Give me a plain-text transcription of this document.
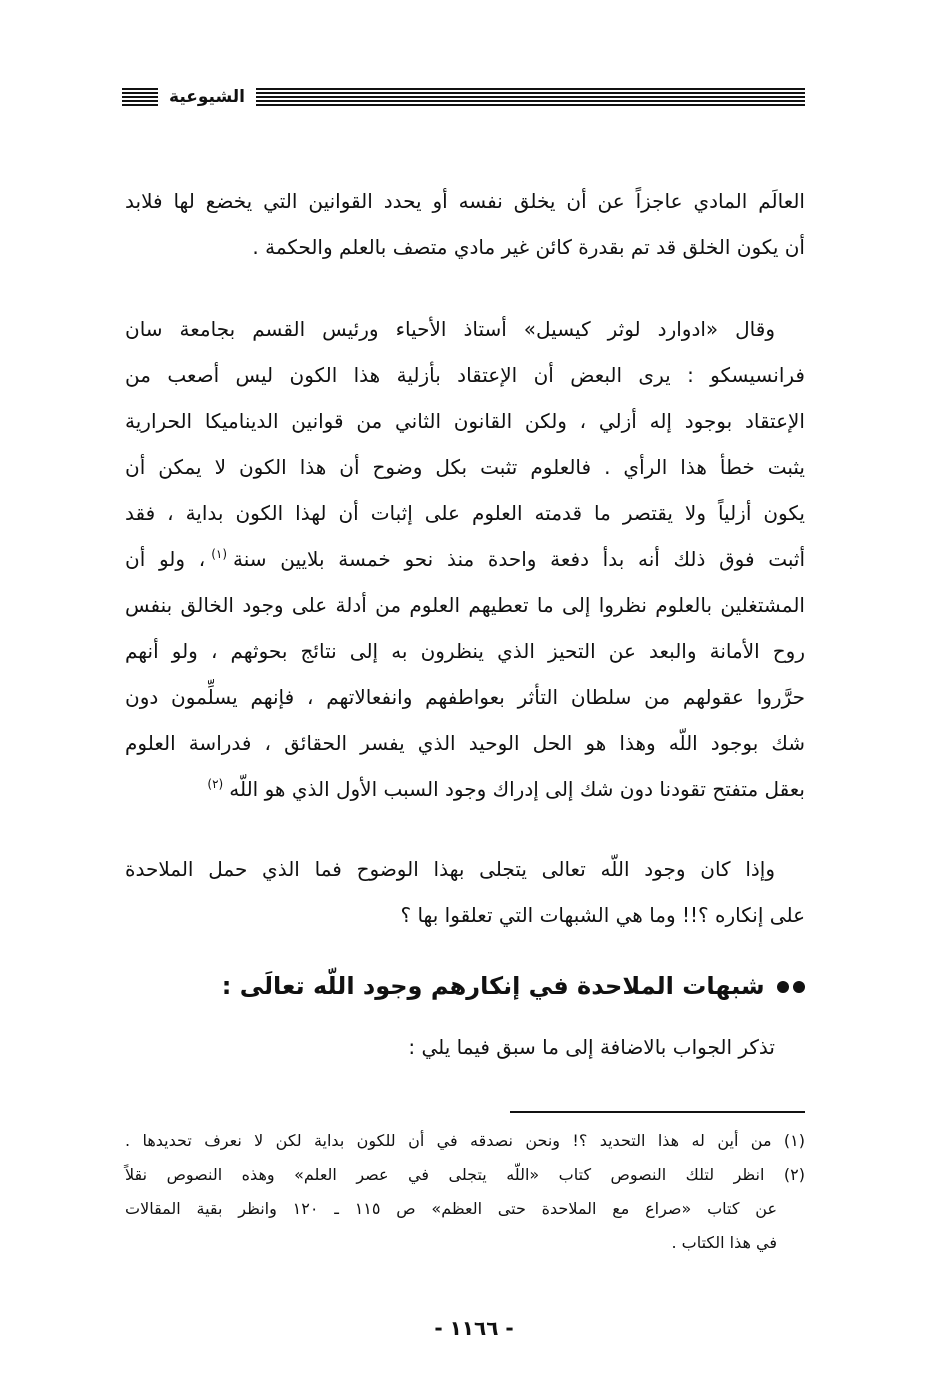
الشيوعية
العالَم المادي عاجزاً عن أن يخلق نفسه أو يحدد القوانين التي يخضع لها فلابد
أن يكون الخلق قد تم بقدرة كائن غير مادي متصف بالعلم والحكمة .
وقال «ادوارد لوثر كيسيل» أستاذ الأحياء ورئيس القسم بجامعة سان
فرانسيسكو : يرى البعض أن الإعتقاد بأزلية هذا الكون ليس أصعب من
الإعتقاد بوجود إله أزلي ، ولكن القانون الثاني من قوانين الديناميكا الحرارية
يثبت خطأ هذا الرأي . فالعلوم تثبت بكل وضوح أن هذا الكون لا يمكن أن
يكون أزلياً ولا يقتصر ما قدمته العلوم على إثبات أن لهذا الكون بداية ، فقد
أثبت فوق ذلك أنه بدأ دفعة واحدة منذ نحو خمسة بلايين سنة$^{(١)}$، ولو أن
المشتغلين بالعلوم نظروا إلى ما تعطيهم العلوم من أدلة على وجود الخالق بنفس
روح الأمانة والبعد عن التحيز الذي ينظرون به إلى نتائج بحوثهم ، ولو أنهم
حرَّروا عقولهم من سلطان التأثر بعواطفهم وانفعالاتهم ، فإنهم يسلِّمون دون
شك بوجود اللّه وهذا هو الحل الوحيد الذي يفسر الحقائق ، فدراسة العلوم
بعقل متفتح تقودنا دون شك إلى إدراك وجود السبب الأول الذي هو اللّه$^{(٢)}$
وإذا كان وجود اللّه تعالى يتجلى بهذا الوضوح فما الذي حمل الملاحدة
على إنكاره ؟!! وما هي الشبهات التي تعلقوا بها ؟
شبهات الملاحدة في إنكارهم وجود اللّه تعالَى :
تذكر الجواب بالاضافة إلى ما سبق فيما يلي :
(١) من أين له هذا التحديد ؟! ونحن نصدقه في أن للكون بداية لكن لا نعرف تحديدها .
(٢) انظر لتلك النصوص كتاب «اللّه يتجلى في عصر العلم» وهذه النصوص نقلاً
عن كتاب «صراع مع الملاحدة حتى العظم» ص ١١٥ ـ ١٢٠ وانظر بقية المقالات
في هذا الكتاب .
- ١١٦٦ -
